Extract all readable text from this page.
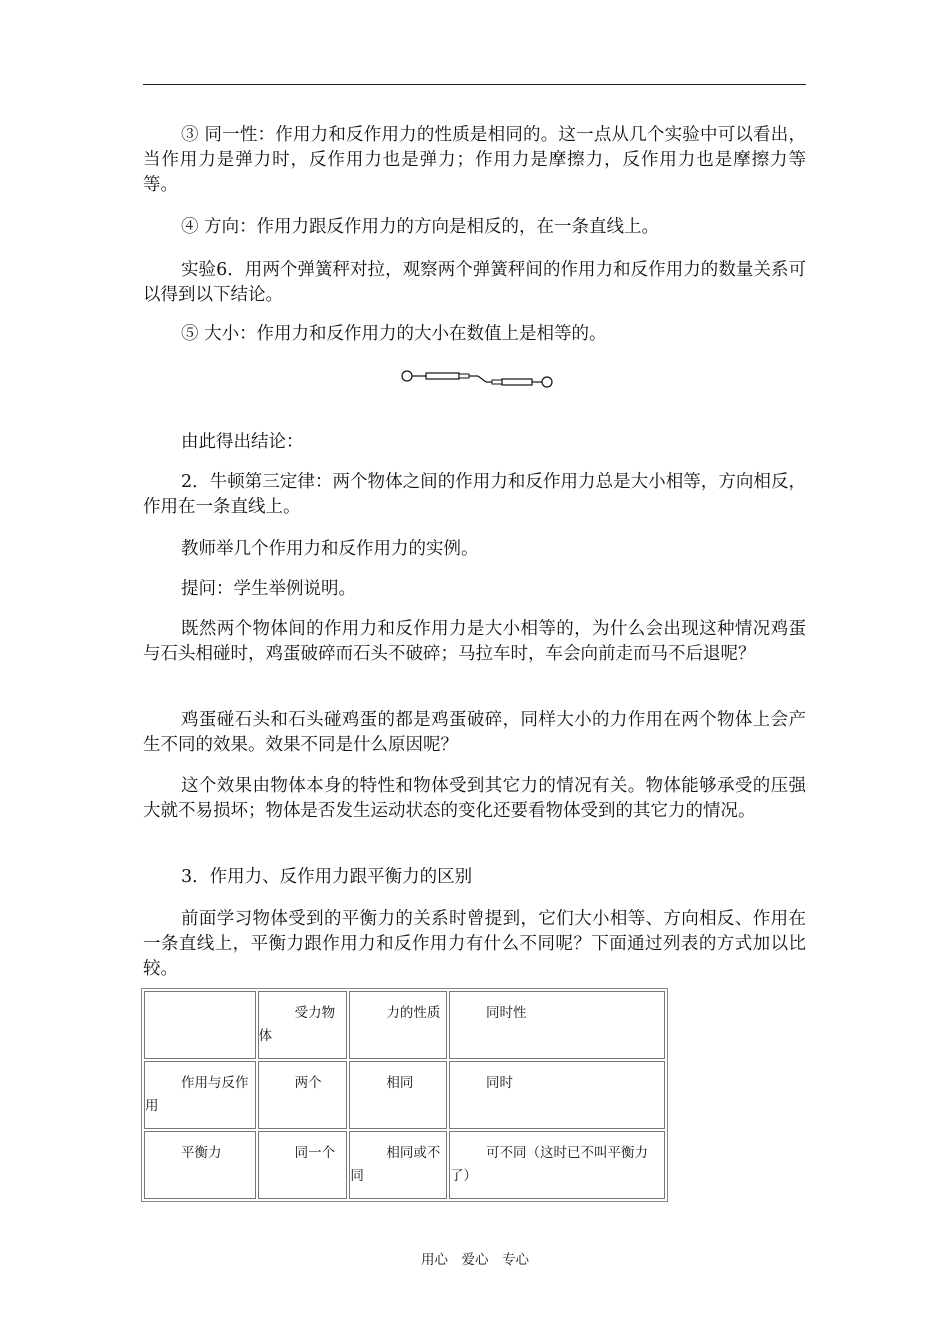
③ 同一性：作用力和反作用力的性质是相同的。这一点从几个实验中可以看出，当作用力是弹力时，反作用力也是弹力；作用力是摩擦力，反作用力也是摩擦力等等。

④ 方向：作用力跟反作用力的方向是相反的，在一条直线上。

实验6．用两个弹簧秤对拉，观察两个弹簧秤间的作用力和反作用力的数量关系可以得到以下结论。

⑤ 大小：作用力和反作用力的大小在数值上是相等的。

由此得出结论：

2．牛顿第三定律：两个物体之间的作用力和反作用力总是大小相等，方向相反，作用在一条直线上。

教师举几个作用力和反作用力的实例。

提问：学生举例说明。

既然两个物体间的作用力和反作用力是大小相等的，为什么会出现这种情况鸡蛋与石头相碰时，鸡蛋破碎而石头不破碎；马拉车时，车会向前走而马不后退呢？

鸡蛋碰石头和石头碰鸡蛋的都是鸡蛋破碎，同样大小的力作用在两个物体上会产生不同的效果。效果不同是什么原因呢？

这个效果由物体本身的特性和物体受到其它力的情况有关。物体能够承受的压强大就不易损坏；物体是否发生运动状态的变化还要看物体受到的其它力的情况。

3．作用力、反作用力跟平衡力的区别

前面学习物体受到的平衡力的关系时曾提到，它们大小相等、方向相反、作用在一条直线上，平衡力跟作用力和反作用力有什么不同呢？下面通过列表的方式加以比较。

	受力物体	力的性质	同时性

作用与反作用	两个	相同	同时

平衡力	同一个	相同或不同	可不同（这时已不叫平衡力了）
用心　爱心　专心
